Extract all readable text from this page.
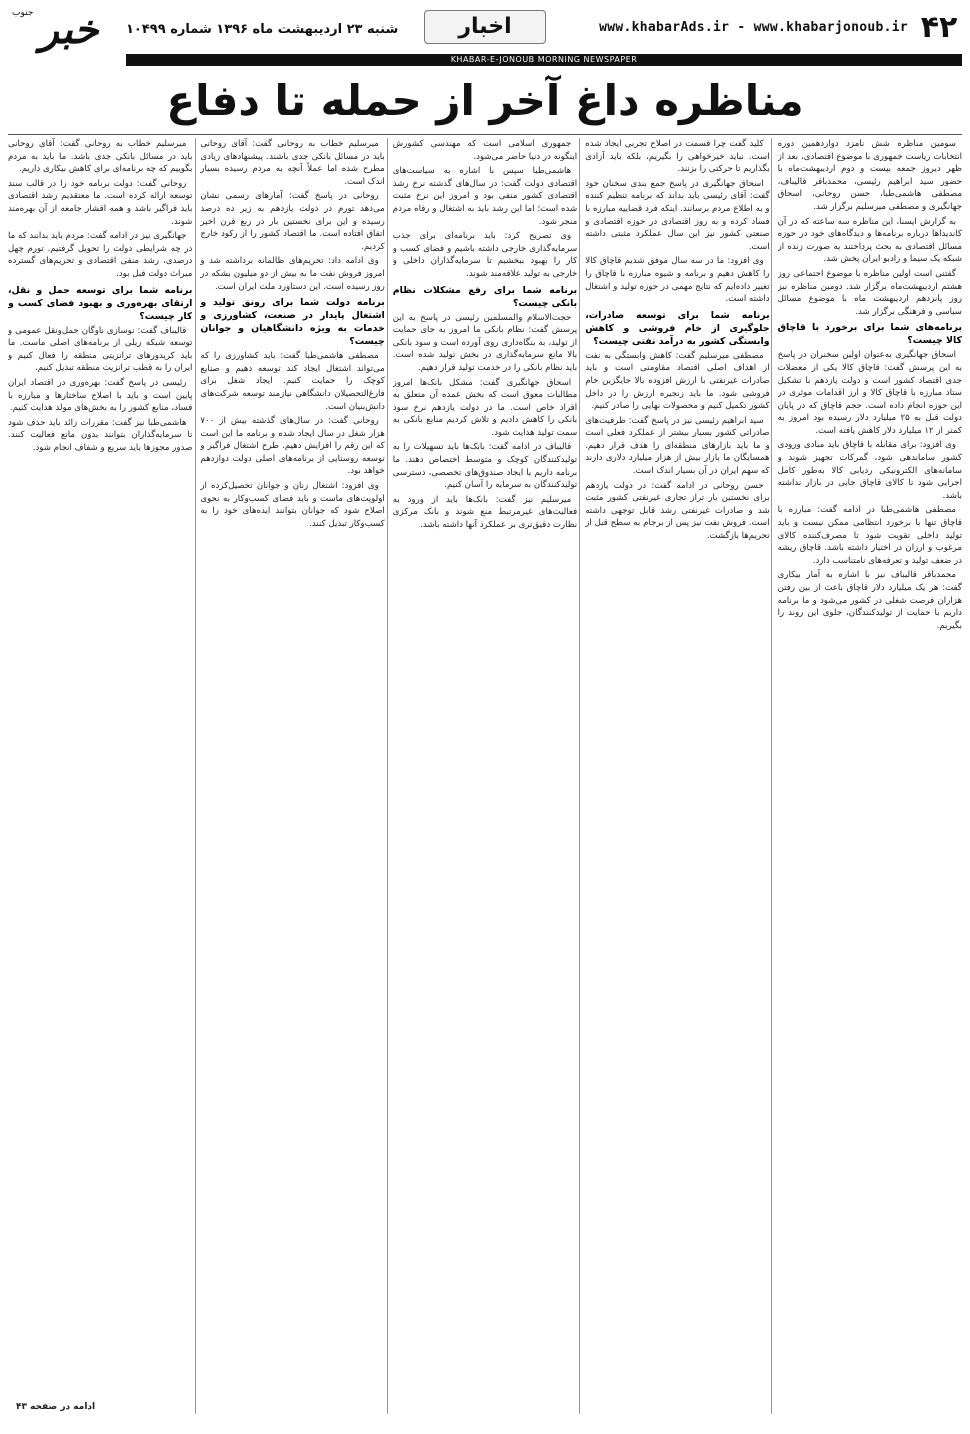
۴۲
www.khabarAds.ir - www.khabarjonoub.ir
اخبار
شنبه ۲۳ اردیبهشت ماه ۱۳۹۶ شماره ۱۰۴۹۹
جنوب خبر
KHABAR-E-JONOUB MORNING NEWSPAPER
مناظره داغ آخر از حمله تا دفاع

سومین مناظره شش نامزد دوازدهمین دوره انتخابات ریاست جمهوری با موضوع اقتصادی، بعد از ظهر دیروز جمعه بیست و دوم اردیبهشت‌ماه با حضور سید ابراهیم رئیسی، محمدباقر قالیباف، مصطفی هاشمی‌طبا، حسن روحانی، اسحاق جهانگیری و مصطفی میرسلیم برگزار شد.

به گزارش ایسنا، این مناظره سه ساعته که در آن کاندیداها درباره برنامه‌ها و دیدگاه‌های خود در حوزه مسائل اقتصادی به بحث پرداختند به صورت زنده از شبکه یک سیما و رادیو ایران پخش شد.

گفتنی است اولین مناظره با موضوع اجتماعی روز هشتم اردیبهشت‌ماه برگزار شد. دومین مناظره نیز روز پانزدهم اردیبهشت ماه با موضوع مسائل سیاسی و فرهنگی برگزار شد.

برنامه‌های شما برای برخورد با قاچاق کالا چیست؟

اسحاق جهانگیری به‌عنوان اولین سخنران در پاسخ به این پرسش گفت: قاچاق کالا یکی از معضلات جدی اقتصاد کشور است و دولت یازدهم با تشکیل ستاد مبارزه با قاچاق کالا و ارز اقدامات موثری در این حوزه انجام داده است. حجم قاچاق که در پایان دولت قبل به ۲۵ میلیارد دلار رسیده بود امروز به کمتر از ۱۲ میلیارد دلار کاهش یافته است.

وی افزود: برای مقابله با قاچاق باید مبادی ورودی کشور ساماندهی شود، گمرکات تجهیز شوند و سامانه‌های الکترونیکی ردیابی کالا به‌طور کامل اجرایی شود تا کالای قاچاق جایی در بازار نداشته باشد.

مصطفی هاشمی‌طبا در ادامه گفت: مبارزه با قاچاق تنها با برخورد انتظامی ممکن نیست و باید تولید داخلی تقویت شود تا مصرف‌کننده کالای مرغوب و ارزان در اختیار داشته باشد. قاچاق ریشه در ضعف تولید و تعرفه‌های نامتناسب دارد.

محمدباقر قالیباف نیز با اشاره به آمار بیکاری گفت: هر یک میلیارد دلار قاچاق باعث از بین رفتن هزاران فرصت شغلی در کشور می‌شود و ما برنامه داریم با حمایت از تولیدکنندگان، جلوی این روند را بگیریم.

کلید گفت چرا قسمت در اصلاح تجربی ایجاد شده است. نباید خیرخواهی را بگیریم، بلکه باید آزادی بگذاریم تا حرکتی را بزنند.

اسحاق جهانگیری در پاسخ جمع بندی سخنان خود گفت: آقای رئیسی باید بداند که برنامه تنظیم کننده و به اطلاع مردم برسانند. اینکه فرد قضاییه مبارزه با فساد کرده و به روز اقتصادی در حوزه اقتصادی و صنعتی کشور نیز این سال عملکرد مثبتی داشته است.

وی افزود: ما در سه سال موفق شدیم قاچاق کالا را کاهش دهیم و برنامه و شیوه مبارزه با قاچاق را تغییر داده‌ایم که نتایج مهمی در حوزه تولید و اشتغال داشته است.

برنامه شما برای توسعه صادرات، جلوگیری از خام فروشی و کاهش وابستگی کشور به درآمد نفتی چیست؟

مصطفی میرسلیم گفت: کاهش وابستگی به نفت از اهداف اصلی اقتصاد مقاومتی است و باید صادرات غیرنفتی با ارزش افزوده بالا جایگزین خام فروشی شود. ما باید زنجیره ارزش را در داخل کشور تکمیل کنیم و محصولات نهایی را صادر کنیم.

سید ابراهیم رئیسی نیز در پاسخ گفت: ظرفیت‌های صادراتی کشور بسیار بیشتر از عملکرد فعلی است و ما باید بازارهای منطقه‌ای را هدف قرار دهیم. همسایگان ما بازار بیش از هزار میلیارد دلاری دارند که سهم ایران در آن بسیار اندک است.

حسن روحانی در ادامه گفت: در دولت یازدهم برای نخستین بار تراز تجاری غیرنفتی کشور مثبت شد و صادرات غیرنفتی رشد قابل توجهی داشته است. فروش نفت نیز پس از برجام به سطح قبل از تحریم‌ها بازگشت.

جمهوری اسلامی است که مهندسی کشورش اینگونه در دنیا حاضر می‌شود.

هاشمی‌طبا سپس با اشاره به سیاست‌های اقتصادی دولت گفت: در سال‌های گذشته نرخ رشد اقتصادی کشور منفی بود و امروز این نرخ مثبت شده است؛ اما این رشد باید به اشتغال و رفاه مردم منجر شود.

وی تصریح کرد: باید برنامه‌ای برای جذب سرمایه‌گذاری خارجی داشته باشیم و فضای کسب و کار را بهبود ببخشیم تا سرمایه‌گذاران داخلی و خارجی به تولید علاقه‌مند شوند.

برنامه شما برای رفع مشکلات نظام بانکی چیست؟

حجت‌الاسلام والمسلمین رئیسی در پاسخ به این پرسش گفت: نظام بانکی ما امروز به جای حمایت از تولید، به بنگاه‌داری روی آورده است و سود بانکی بالا مانع سرمایه‌گذاری در بخش تولید شده است. باید نظام بانکی را در خدمت تولید قرار دهیم.

اسحاق جهانگیری گفت: مشکل بانک‌ها امروز مطالبات معوق است که بخش عمده آن متعلق به افراد خاص است. ما در دولت یازدهم نرخ سود بانکی را کاهش دادیم و تلاش کردیم منابع بانکی به سمت تولید هدایت شود.

قالیباف در ادامه گفت: بانک‌ها باید تسهیلات را به تولیدکنندگان کوچک و متوسط اختصاص دهند. ما برنامه داریم با ایجاد صندوق‌های تخصصی، دسترسی تولیدکنندگان به سرمایه را آسان کنیم.

میرسلیم نیز گفت: بانک‌ها باید از ورود به فعالیت‌های غیرمرتبط منع شوند و بانک مرکزی نظارت دقیق‌تری بر عملکرد آنها داشته باشد.

میرسلیم خطاب به روحانی گفت: آقای روحانی باید در مسائل بانکی جدی باشند. پیشنهادهای زیادی مطرح شده اما عملاً آنچه به مردم رسیده بسیار اندک است.

روحانی در پاسخ گفت: آمارهای رسمی نشان می‌دهد تورم در دولت یازدهم به زیر ده درصد رسیده و این برای نخستین بار در ربع قرن اخیر اتفاق افتاده است. ما اقتصاد کشور را از رکود خارج کردیم.

وی ادامه داد: تحریم‌های ظالمانه برداشته شد و امروز فروش نفت ما به بیش از دو میلیون بشکه در روز رسیده است. این دستاورد ملت ایران است.

برنامه دولت شما برای رونق تولید و اشتغال پایدار در صنعت، کشاورزی و خدمات به ویژه دانشگاهیان و جوانان چیست؟

مصطفی هاشمی‌طبا گفت: باید کشاورزی را که می‌تواند اشتغال ایجاد کند توسعه دهیم و صنایع کوچک را حمایت کنیم. ایجاد شغل برای فارغ‌التحصیلان دانشگاهی نیازمند توسعه شرکت‌های دانش‌بنیان است.

روحانی گفت: در سال‌های گذشته بیش از ۷۰۰ هزار شغل در سال ایجاد شده و برنامه ما این است که این رقم را افزایش دهیم. طرح اشتغال فراگیر و توسعه روستایی از برنامه‌های اصلی دولت دوازدهم خواهد بود.

وی افزود: اشتغال زنان و جوانان تحصیل‌کرده از اولویت‌های ماست و باید فضای کسب‌وکار به نحوی اصلاح شود که جوانان بتوانند ایده‌های خود را به کسب‌وکار تبدیل کنند.

میرسلیم خطاب به روحانی گفت: آقای روحانی باید در مسائل بانکی جدی باشد. ما باید به مردم بگوییم که چه برنامه‌ای برای کاهش بیکاری داریم.

روحانی گفت: دولت برنامه خود را در قالب سند توسعه ارائه کرده است. ما معتقدیم رشد اقتصادی باید فراگیر باشد و همه اقشار جامعه از آن بهره‌مند شوند.

جهانگیری نیز در ادامه گفت: مردم باید بدانند که ما در چه شرایطی دولت را تحویل گرفتیم. تورم چهل درصدی، رشد منفی اقتصادی و تحریم‌های گسترده میراث دولت قبل بود.

برنامه شما برای توسعه حمل و نقل، ارتقای بهره‌وری و بهبود فضای کسب و کار چیست؟

قالیباف گفت: نوسازی ناوگان حمل‌ونقل عمومی و توسعه شبکه ریلی از برنامه‌های اصلی ماست. ما باید کریدورهای ترانزیتی منطقه را فعال کنیم و ایران را به قطب ترانزیت منطقه تبدیل کنیم.

رئیسی در پاسخ گفت: بهره‌وری در اقتصاد ایران پایین است و باید با اصلاح ساختارها و مبارزه با فساد، منابع کشور را به بخش‌های مولد هدایت کنیم.

هاشمی‌طبا نیز گفت: مقررات زائد باید حذف شود تا سرمایه‌گذاران بتوانند بدون مانع فعالیت کنند. صدور مجوزها باید سریع و شفاف انجام شود.

ادامه در صفحه ۴۳
